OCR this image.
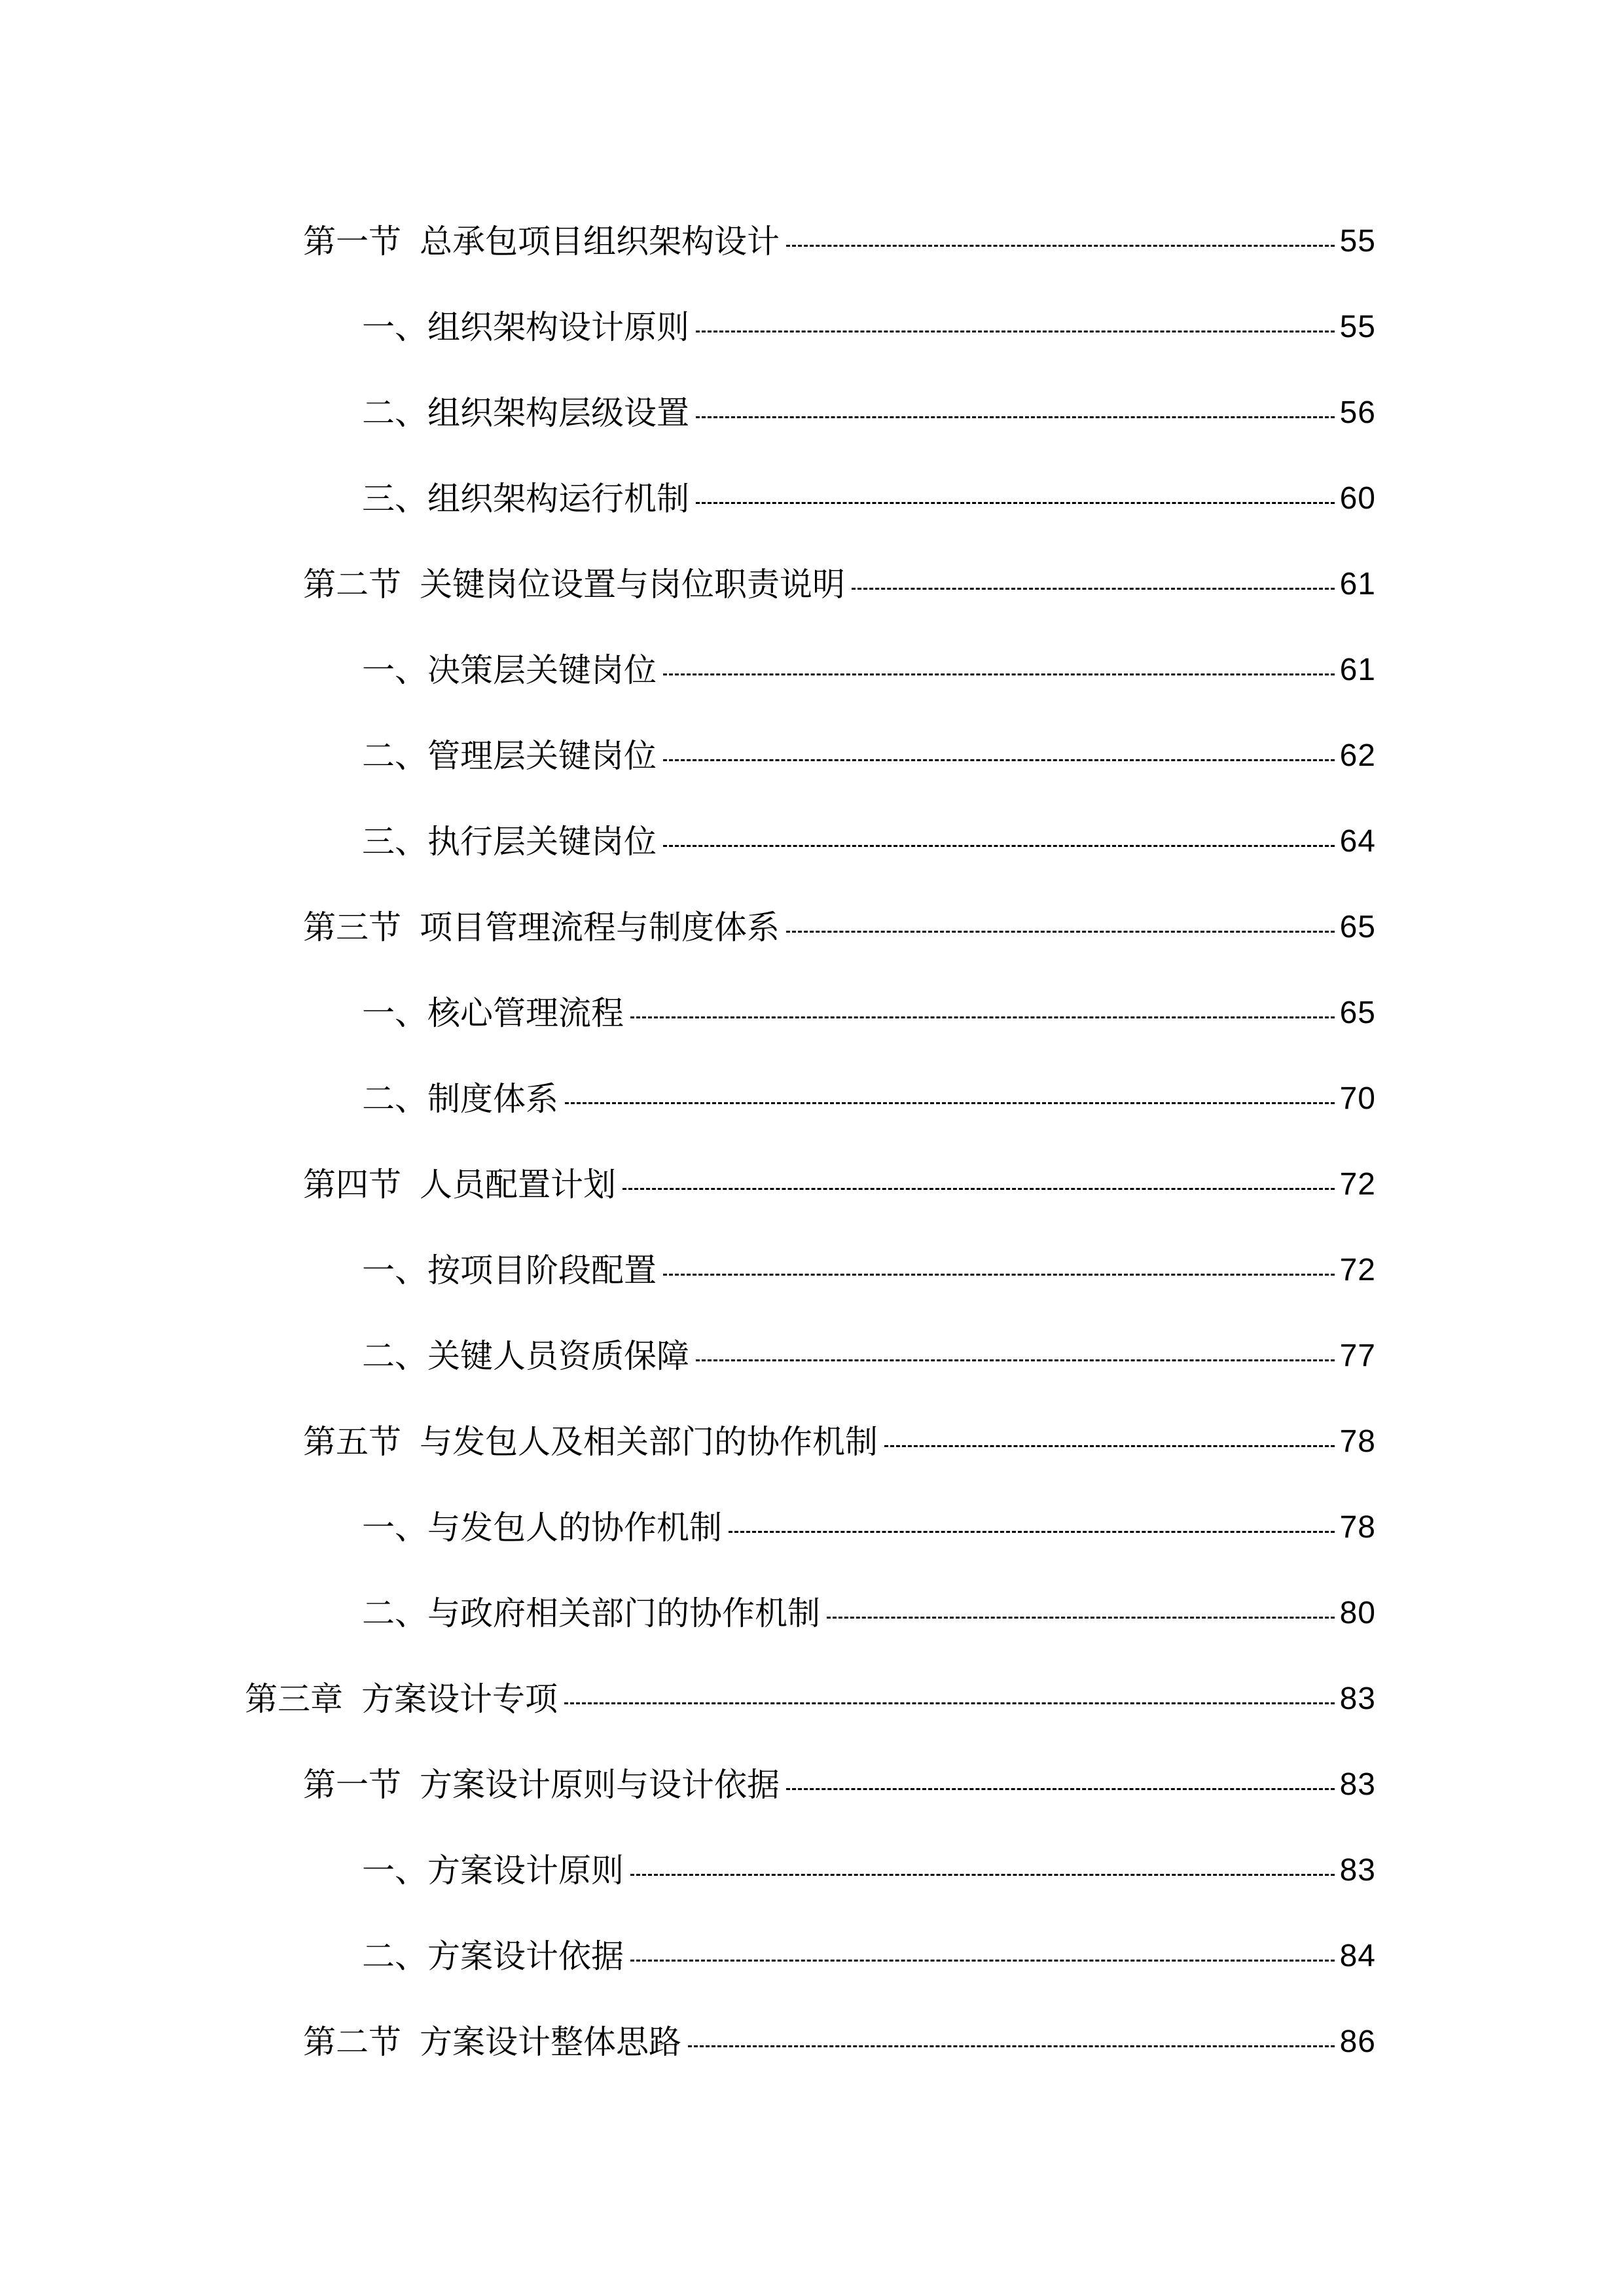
第一节 总承包项目组织架构设计	55
一、组织架构设计原则	55
二、组织架构层级设置	56
三、组织架构运行机制	60
第二节 关键岗位设置与岗位职责说明	61
一、决策层关键岗位	61
二、管理层关键岗位	62
三、执行层关键岗位	64
第三节 项目管理流程与制度体系	65
一、核心管理流程	65
二、制度体系	70
第四节 人员配置计划	72
一、按项目阶段配置	72
二、关键人员资质保障	77
第五节 与发包人及相关部门的协作机制	78
一、与发包人的协作机制	78
二、与政府相关部门的协作机制	80
第三章 方案设计专项	83
第一节 方案设计原则与设计依据	83
一、方案设计原则	83
二、方案设计依据	84
第二节 方案设计整体思路	86
